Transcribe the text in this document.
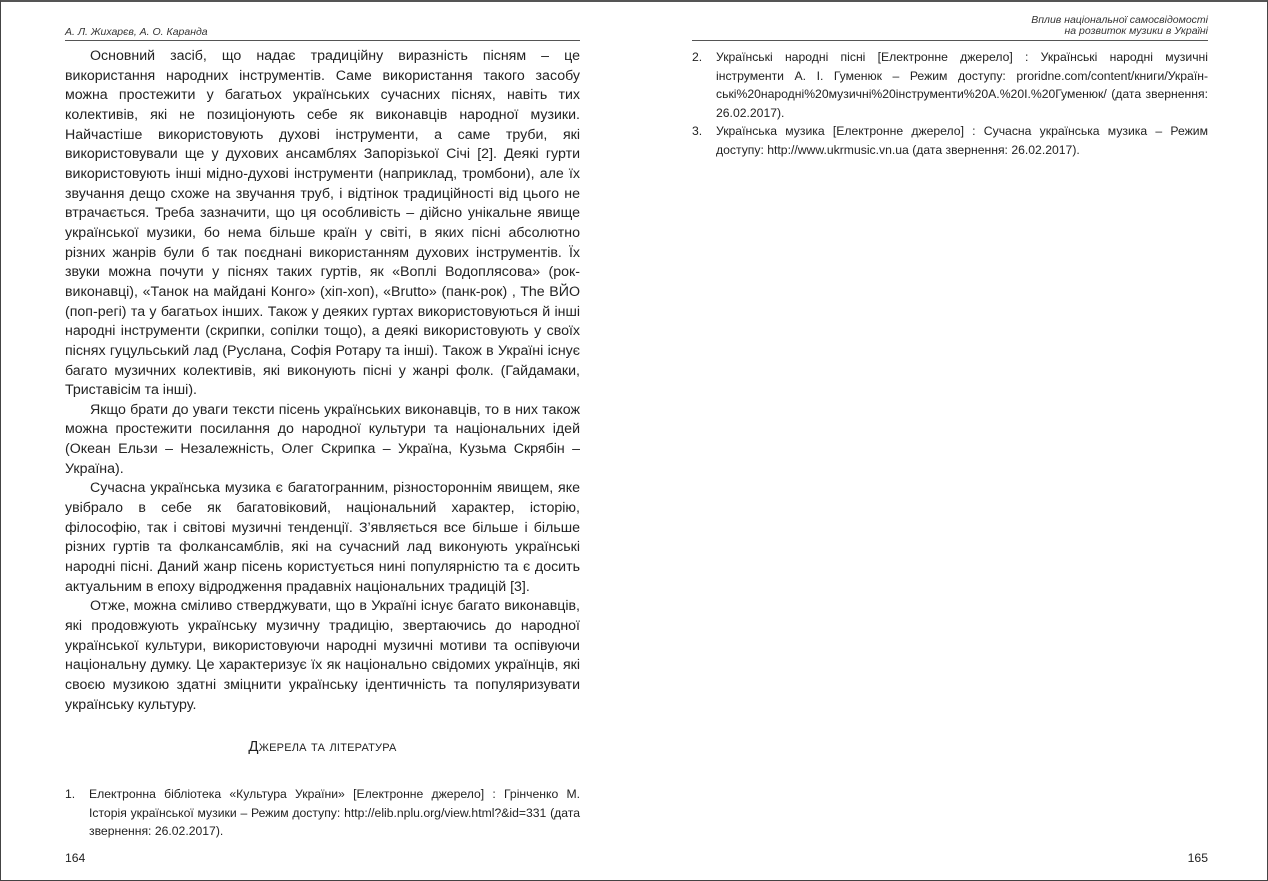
А. Л. Жихарєв, А. О. Каранда

Основний засіб, що надає традиційну виразність пісням – це використання народних інструментів. Саме використання такого засобу можна простежити у багатьох українських сучасних піснях, навіть тих колективів, які не позиціонують себе як виконавців народної музики. Найчастіше використовують духові інструменти, а саме труби, які використовували ще у духових ансамблях Запорізької Січі [2]. Деякі гурти використовують інші мідно-духові інструменти (наприклад, тромбони), але їх звучання дещо схоже на звучання труб, і відтінок традиційності від цього не втрачається. Треба зазначити, що ця особливість – дійсно унікальне явище української музики, бо нема більше країн у світі, в яких пісні абсолютно різних жанрів були б так поєднані використанням духових інструментів. Їх звуки можна почути у піснях таких гуртів, як «Воплі Водоплясова» (рок-виконавці), «Танок на майдані Конго» (хіп-хоп), «Brutto» (панк-рок) , The ВЙО (поп-регі) та у багатьох інших. Також у деяких гуртах використовуються й інші народні інструменти (скрипки, сопілки тощо), а деякі використовують у своїх піснях гуцульський лад (Руслана, Софія Ротару та інші). Також в Україні існує багато музичних колективів, які виконують пісні у жанрі фолк. (Гайдамаки, Триставісім та інші).

Якщо брати до уваги тексти пісень українських виконавців, то в них також можна простежити посилання до народної культури та національних ідей (Океан Ельзи – Незалежність, Олег Скрипка – Україна, Кузьма Скрябін – Україна).

Сучасна українська музика є багатогранним, різностороннім явищем, яке увібрало в себе як багатовіковий, національний характер, історію, філософію, так і світові музичні тенденції. З’являється все більше і більше різних гуртів та фолкансамблів, які на сучасний лад виконують українські народні пісні. Даний жанр пісень користується нині популярністю та є досить актуальним в епоху відродження прадавніх національних традицій [3].

Отже, можна сміливо стверджувати, що в Україні існує багато виконавців, які продовжують українську музичну традицію, звертаючись до народної української культури, використовуючи народні музичні мотиви та оспівуючи національну думку. Це характеризує їх як національно свідомих українців, які своєю музикою здатні зміцнити українську ідентичність та популяризувати українську культуру.

Джерела та література
1. Електронна бібліотека «Культура України» [Електронне джерело] : Грінченко М. Історія української музики – Режим доступу: http://elib.nplu.org/view.html?&id=331 (дата звернення: 26.02.2017).
164
Вплив національної самосвідомості
на розвиток музики в Україні
2. Українські народні пісні [Електронне джерело] : Українські народні музичні інструменти А. І. Гуменюк – Режим доступу: proridne.com/content/книги/Україн-ські%20народні%20музичні%20інструменти%20А.%20І.%20Гуменюк/ (дата звернення: 26.02.2017).
3. Українська музика [Електронне джерело] : Сучасна українська музика – Режим доступу: http://www.ukrmusic.vn.ua (дата звернення: 26.02.2017).
165
